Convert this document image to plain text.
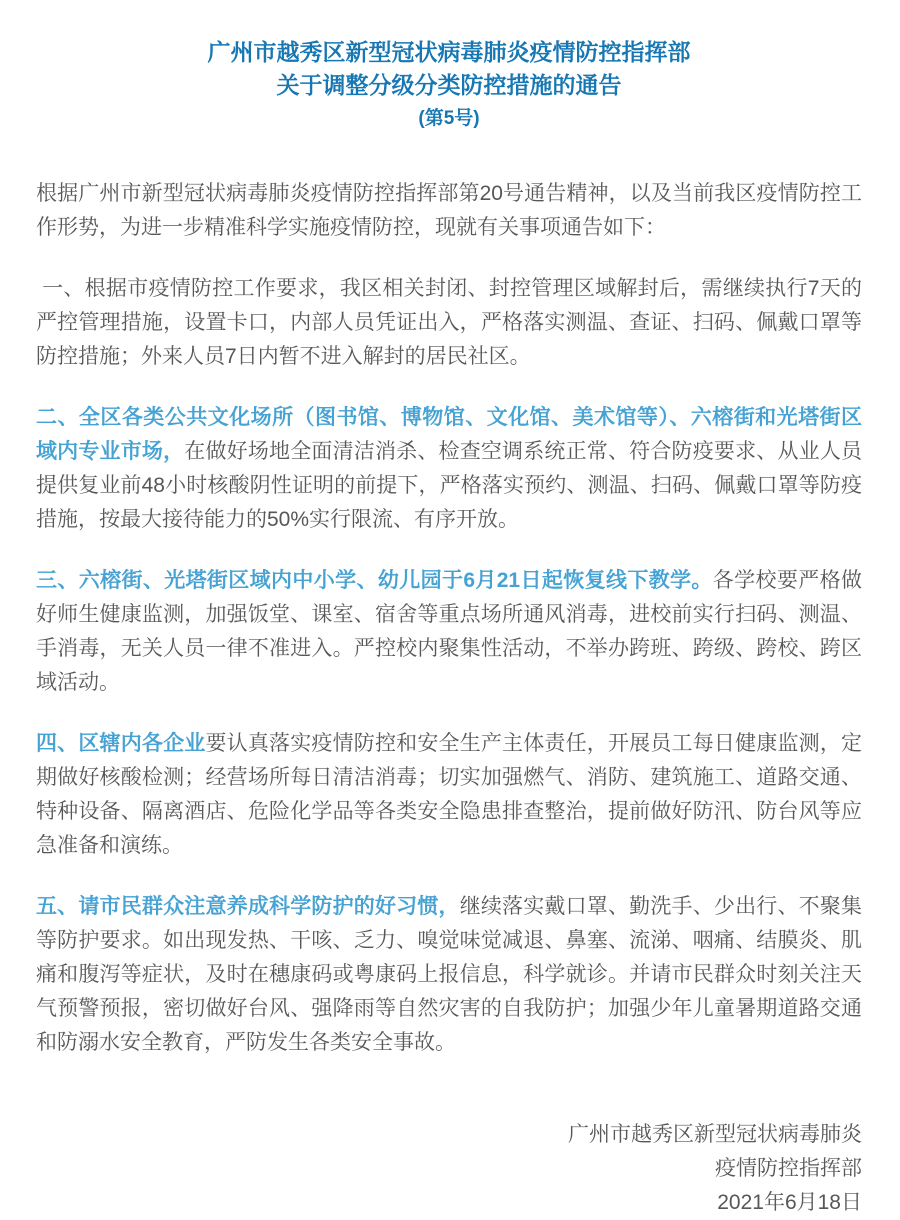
广州市越秀区新型冠状病毒肺炎疫情防控指挥部
关于调整分级分类防控措施的通告
(第5号)

根据广州市新型冠状病毒肺炎疫情防控指挥部第20号通告精神，以及当前我区疫情防控工作形势，为进一步精准科学实施疫情防控，现就有关事项通告如下：

一、根据市疫情防控工作要求，我区相关封闭、封控管理区域解封后，需继续执行7天的严控管理措施，设置卡口，内部人员凭证出入，严格落实测温、查证、扫码、佩戴口罩等防控措施；外来人员7日内暂不进入解封的居民社区。

二、全区各类公共文化场所（图书馆、博物馆、文化馆、美术馆等）、六榕街和光塔街区域内专业市场，在做好场地全面清洁消杀、检查空调系统正常、符合防疫要求、从业人员提供复业前48小时核酸阴性证明的前提下，严格落实预约、测温、扫码、佩戴口罩等防疫措施，按最大接待能力的50%实行限流、有序开放。

三、六榕街、光塔街区域内中小学、幼儿园于6月21日起恢复线下教学。各学校要严格做好师生健康监测，加强饭堂、课室、宿舍等重点场所通风消毒，进校前实行扫码、测温、手消毒，无关人员一律不准进入。严控校内聚集性活动，不举办跨班、跨级、跨校、跨区域活动。

四、区辖内各企业要认真落实疫情防控和安全生产主体责任，开展员工每日健康监测，定期做好核酸检测；经营场所每日清洁消毒；切实加强燃气、消防、建筑施工、道路交通、特种设备、隔离酒店、危险化学品等各类安全隐患排查整治，提前做好防汛、防台风等应急准备和演练。

五、请市民群众注意养成科学防护的好习惯，继续落实戴口罩、勤洗手、少出行、不聚集等防护要求。如出现发热、干咳、乏力、嗅觉味觉减退、鼻塞、流涕、咽痛、结膜炎、肌痛和腹泻等症状，及时在穗康码或粤康码上报信息，科学就诊。并请市民群众时刻关注天气预警预报，密切做好台风、强降雨等自然灾害的自我防护；加强少年儿童暑期道路交通和防溺水安全教育，严防发生各类安全事故。

广州市越秀区新型冠状病毒肺炎
疫情防控指挥部
2021年6月18日
